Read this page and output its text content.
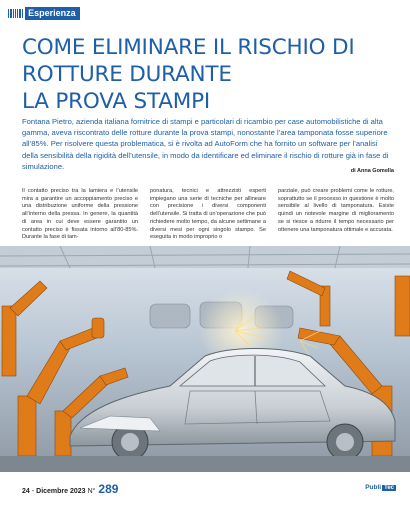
Esperienza
COME ELIMINARE IL RISCHIO DI
ROTTURE DURANTE
LA PROVA STAMPI

Fontana Pietro, azienda italiana fornitrice di stampi e particolari di ricambio per case automobilistiche di alta gamma, aveva riscontrato delle rotture durante la prova stampi, nonostante l’area tamponata fosse superiore all’85%. Per risolvere questa problematica, si è rivolta ad AutoForm che ha fornito un software per l’analisi della sensibilità della rigidità dell’utensile, in modo da identificare ed eliminare il rischio di rotture già in fase di simulazione.

di Anna Gomella

Il contatto preciso tra la lamiera e l’utensile mira a garantire un accoppiamento preciso e una distribuzione uniforme della pressione all’interno della pressa. In genere, la quantità di area in cui deve essere garantito un contatto preciso è fissata intorno all’80-85%. Durante la fase di tam-

ponatura, tecnici e attrezzisti esperti impiegano una serie di tecniche per allineare con precisione i diversi componenti dell’utensile. Si tratta di un’operazione che può richiedere molto tempo, da alcune settimane a diversi mesi per ogni singolo stampo. Se eseguita in modo improprio o

parziale, può creare problemi come le rotture, soprattutto se il processo in questione è molto sensibile al livello di tamponatura. Esiste quindi un notevole margine di miglioramento se si riesce a ridurre il tempo necessario per ottenere una tamponatura ottimale e accurata.

24 - Dicembre 2023 N° 289	Publi Tec
